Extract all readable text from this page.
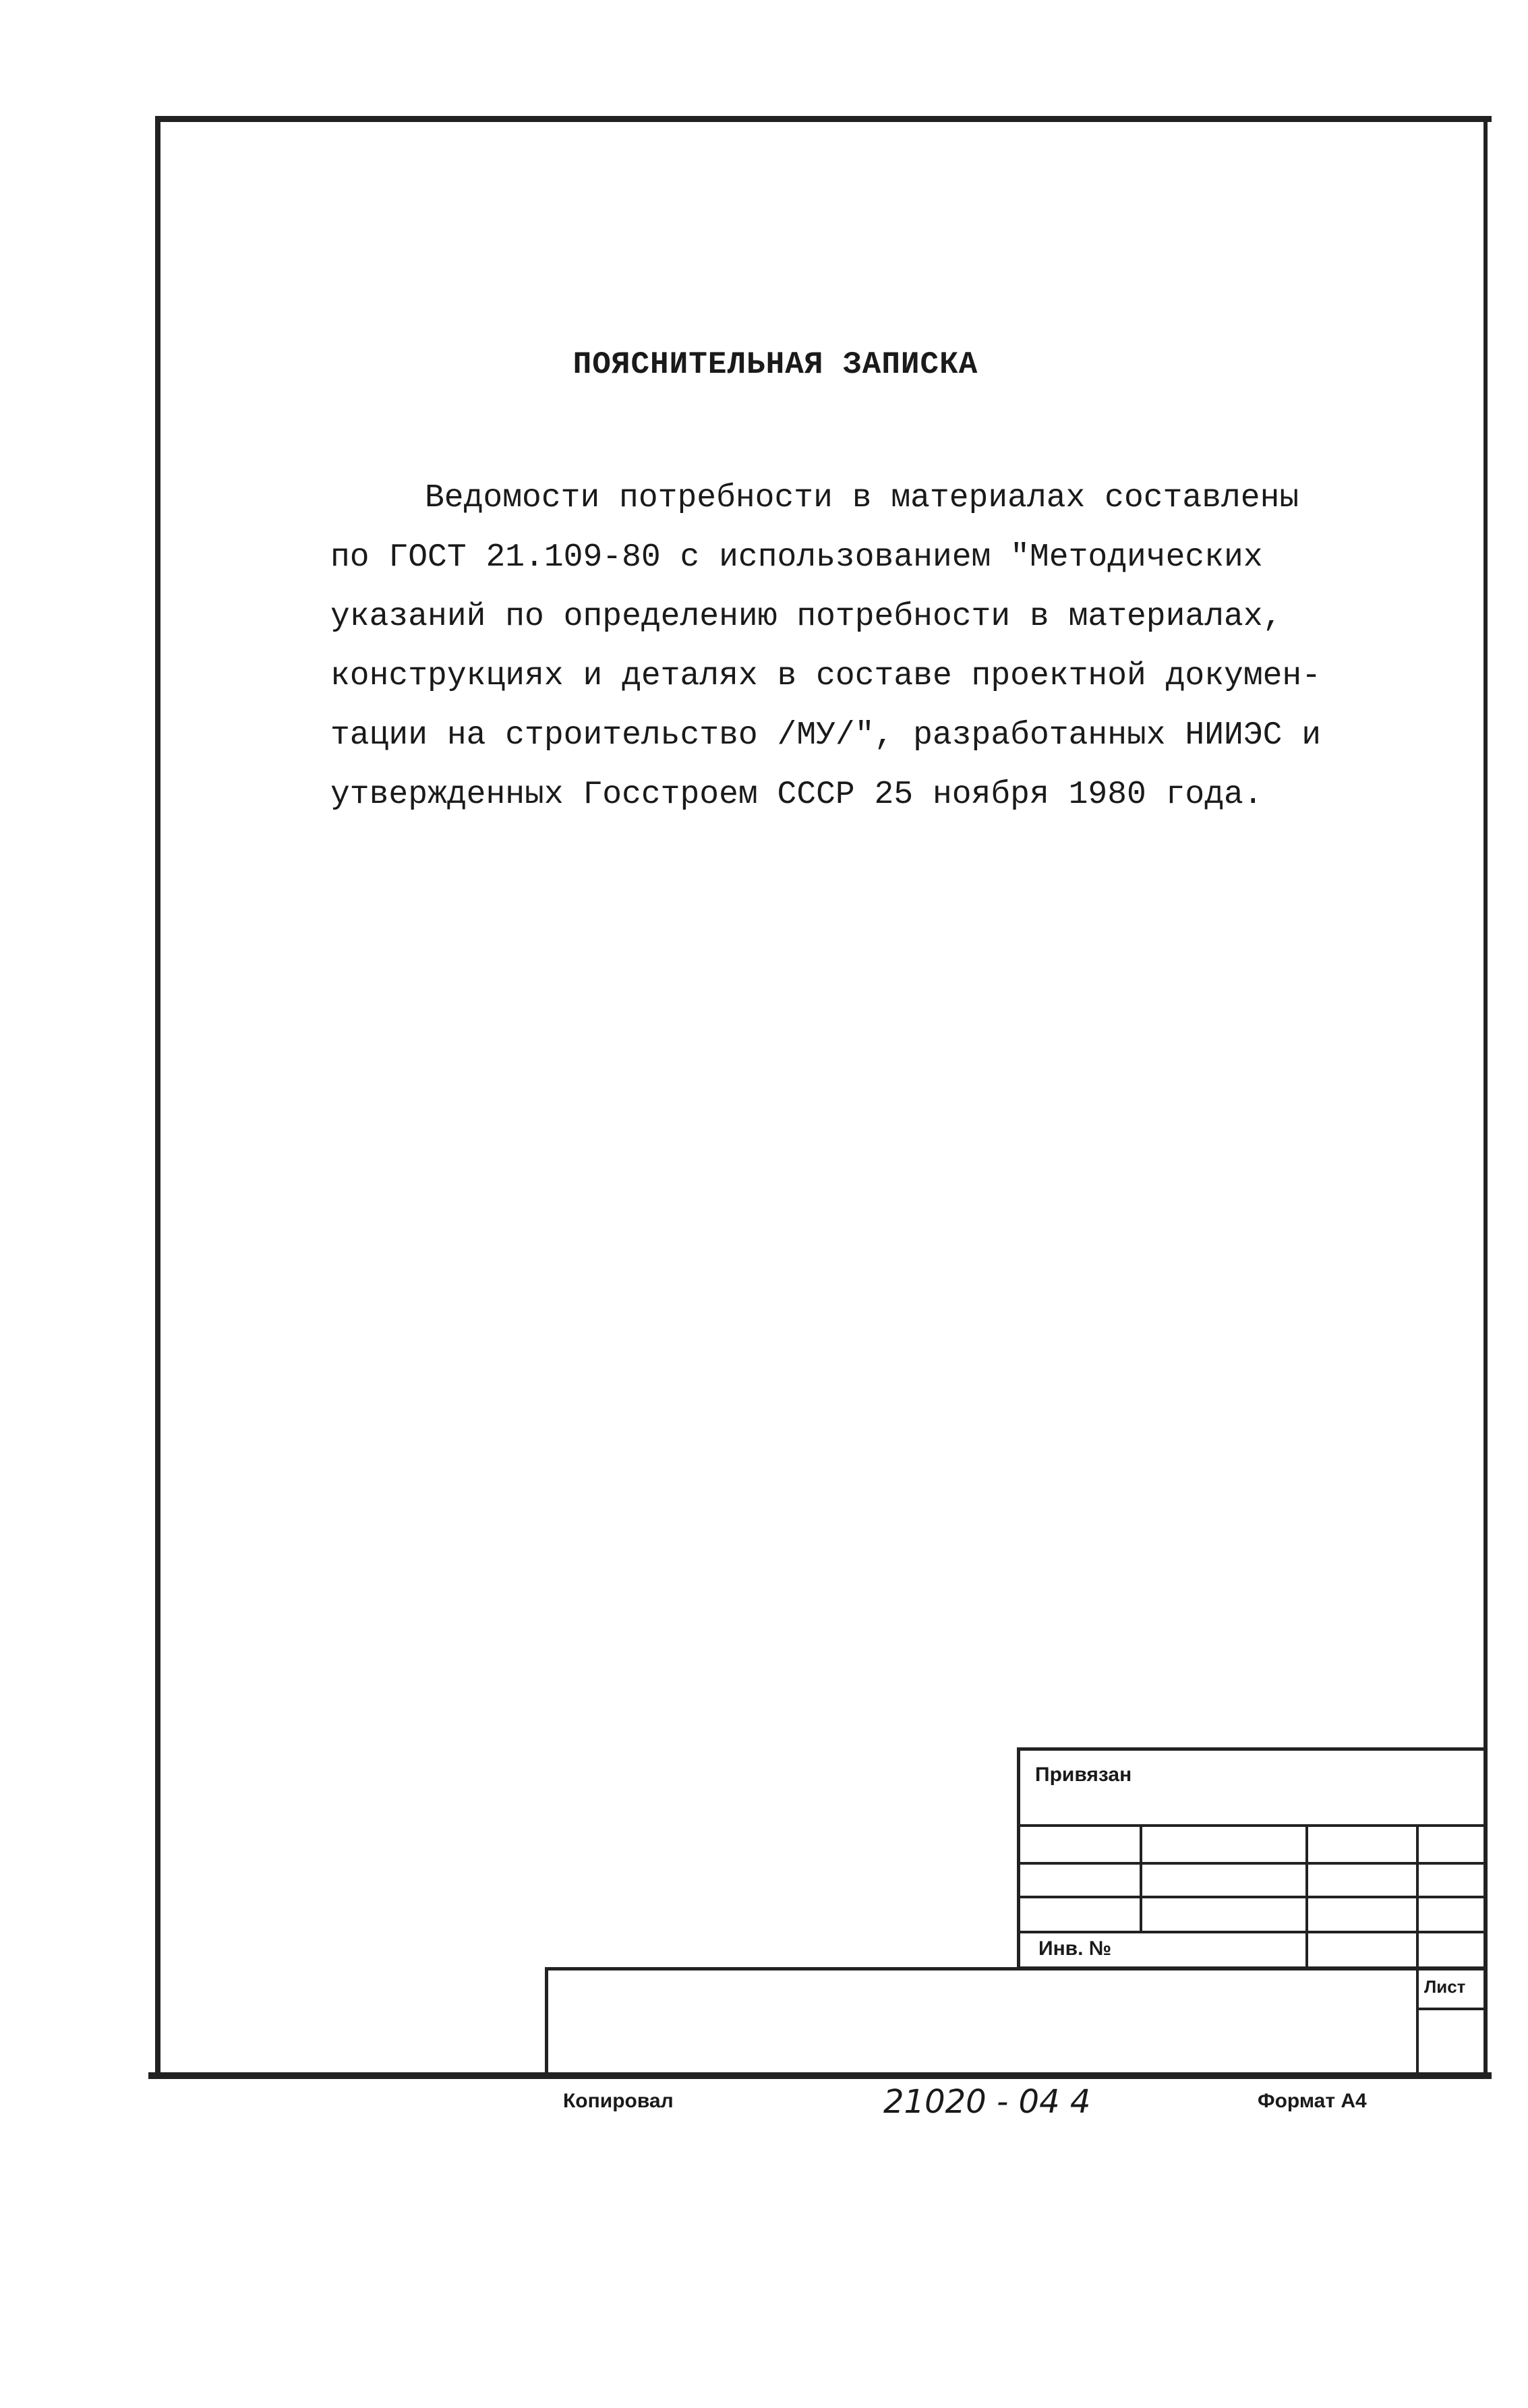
ПОЯСНИТЕЛЬНАЯ ЗАПИСКА
Ведомости потребности в материалах составлены
по ГОСТ 21.109-80 с использованием "Методических
указаний по определению потребности в материалах,
конструкциях и деталях в составе проектной докумен-
тации на строительство /МУ/", разработанных НИИЭС и
утвержденных Госстроем СССР 25 ноября 1980 года.
Привязан
Инв. №
Лист
Копировал	21020 - 04 4	Формат А4
